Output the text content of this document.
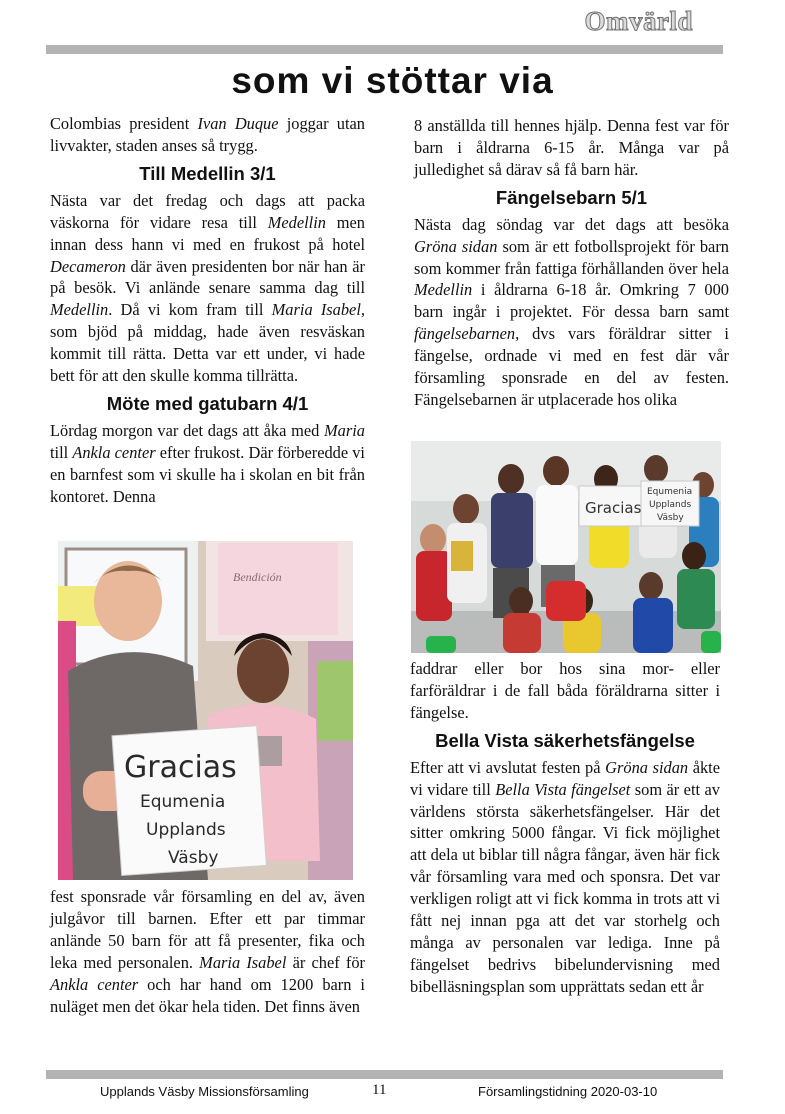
Omvärld
som vi stöttar via

Colombias president Ivan Duque joggar utan livvakter, staden anses så trygg.

Till Medellin 3/1

Nästa var det fredag och dags att packa väskorna för vidare resa till Medellin men innan dess hann vi med en frukost på hotel Decameron där även presidenten bor när han är på besök. Vi anlände senare samma dag till Medellin. Då vi kom fram till Maria Isabel, som bjöd på middag, hade även resväskan kommit till rätta. Detta var ett under, vi hade bett för att den skulle komma tillrätta.

Möte med gatubarn 4/1

Lördag morgon var det dags att åka med Maria till Ankla center efter frukost. Där förberedde vi en barnfest som vi skulle ha i skolan en bit från kontoret. Denna

Bendición
Gracias
Equmenia
Upplands
Väsby

fest sponsrade vår församling en del av, även julgåvor till barnen. Efter ett par timmar anlände 50 barn för att få presenter, fika och leka med personalen. Maria Isabel är chef för Ankla center och har hand om 1200 barn i nuläget men det ökar hela tiden. Det finns även

8 anställda till hennes hjälp. Denna fest var för barn i åldrarna 6-15 år. Många var på julledighet så därav så få barn här.

Fängelsebarn 5/1

Nästa dag söndag var det dags att besöka Gröna sidan som är ett fotbollsprojekt för barn som kommer från fattiga förhållanden över hela Medellin i åldrarna 6-18 år. Omkring 7 000 barn ingår i projektet. För dessa barn samt fängelsebarnen, dvs vars föräldrar sitter i fängelse, ordnade vi med en fest där vår församling sponsrade en del av festen. Fängelsebarnen är utplacerade hos olika

Gracias
Equmenia
Upplands
Väsby

faddrar eller bor hos sina mor- eller farföräldrar i de fall båda föräldrarna sitter i fängelse.

Bella Vista säkerhetsfängelse

Efter att vi avslutat festen på Gröna sidan åkte vi vidare till Bella Vista fängelset som är ett av världens största säkerhetsfängelser. Här det sitter omkring 5000 fångar. Vi fick möjlighet att dela ut biblar till några fångar, även här fick vår församling vara med och sponsra. Det var verkligen roligt att vi fick komma in trots att vi fått nej innan pga att det var storhelg och många av personalen var lediga. Inne på fängelset bedrivs bibelundervisning med bibelläsningsplan som upprättats sedan ett år

Upplands Väsby Missionsförsamling	11	Församlingstidning 2020-03-10
